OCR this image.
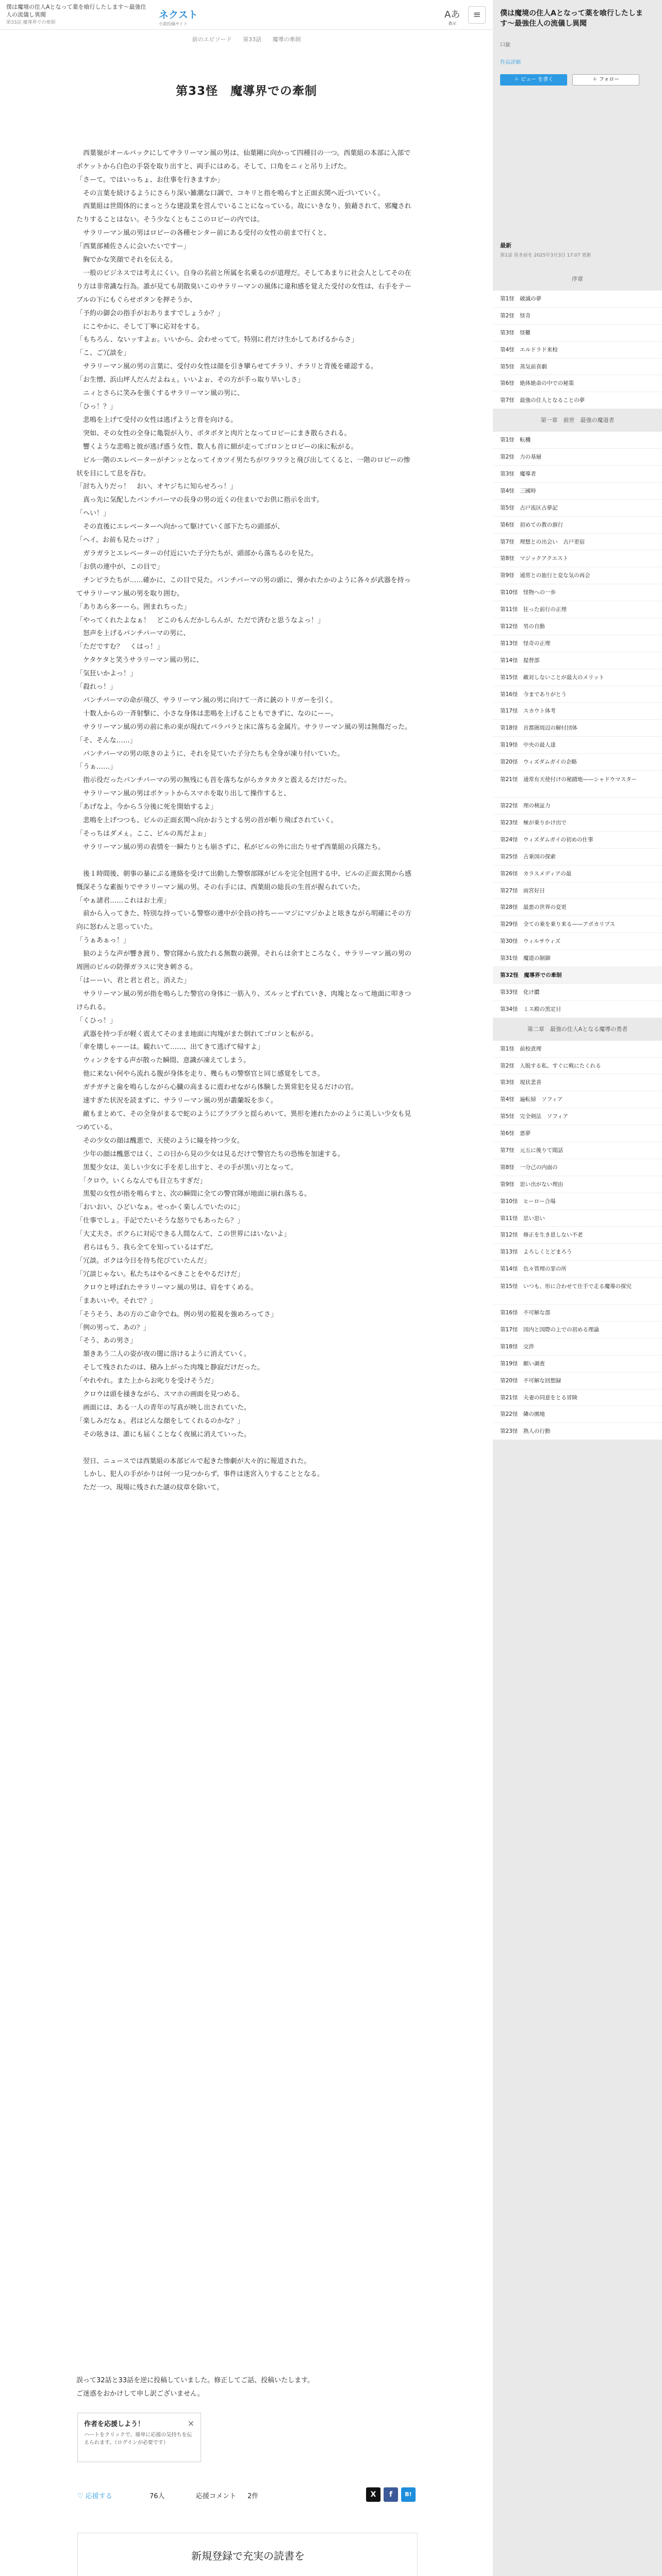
僕は魔境の住人Aとなって薬を喰行したします〜最強住人の流儀し異聞
第33話 魔導界での牽制
ネクスト
小説投稿サイト
Aあ
表示
≡
前のエピソード 第33話 魔導の牽制
第33怪　魔導界での牽制

　西葉嶺がオールバックにしてサラリーマン風の男は、仙葉剛に向かって四種目の一つ。西葉組の本部に入部でポケットから白色の手袋を取り出すと、両手にはめる。そして、口角をニィと吊り上げた。

「さーて。ではいっちょ、お仕事を行きますか」

　その言葉を続けるようにさらり深い雑潮な口調で、コキリと指を鳴らすと正面玄関へ近づいていく。

　西葉組は世間体的にまっとうな建設業を営んでいることになっている。故にいきなり、狼藉されて、邪魔されたりすることはない。そう少なくともここのロビーの内では。

　サラリーマン風の男はロビーの各種センター前にある受付の女性の前まで行くと、

「西葉部補佐さんに会いたいですー」

　胸でかな笑顔でそれを伝える。

　一般のビジネスでは考えにくい。自身の名前と所属を名乗るのが道理だ。そしてあまりに社会人としてその在り方は非常識な行為。誰が見ても胡散臭いこのサラリーマンの風体に違和感を覚えた受付の女性は、右手をテーブルの下にもぐらせボタンを押そうか、

「予約の御会の指手がおありますでしょうか？」

　にこやかに、そして丁寧に応対をする。

「もちろん、ないッすよぉ。いいから、会わせってて。特別に君だけ生かしてあげるからさ」

「こ、ご冗談を」

　サラリーマン風の男の言葉に、受付の女性は顔を引き攣らせてチラリ、チラリと背後を確認する。

「お生憎、浜山坪人だんだよねぇ。いいよぉ、その方が手っ取り早いしさ」

　ニィとさらに笑みを強くするサラリーマン風の男に、

「ひっ！？」

　悲鳴を上げて受付の女性は逃げようと背を向ける。

　突如、その女性の全身に亀裂が入り、ボタボタと肉片となってロビーにまき散らされる。

　響くような悲鳴と彼が逃げ惑う女性、数人も首に細が走ってゴロンとロビーの床に転がる。

　ビル一階のエレベーターがチンッとなってイカツイ男たちがワラワラと飛び出してくると、一階のロビーの惨状を目にして息を吞む。

「討ち入りだっ！　おい、オヤジちに知らせろっ！」

　真っ先に気配したバンチパーマの長身の男の近くの住まいでお供に指示を出す。

「ヘい！」

　その直後にエレベーターへ向かって駆けていく部下たちの頭部が、

「ヘイ、お前も見たっけ？」

　ガラガラとエレベーターの付近にいた子分たちが、頭部から落ちるのを見た。

「お供の連中が、この目で」

　チンピラたちが……確かに、この目で見た。パンチパーマの男の頭に、弾かれたかのように各々が武器を持ってサラリーマン風の男を取り囲む。

「ありあら多ーーら。囲まれちった」

「やってくれたよなぁ！　どこのもんだかしらんが、ただで済むと思うなよっ！」

　怒声を上げるパンチパーマの男に、

「ただですむ？　くはっ！」

　ケタケタと笑うサラリーマン風の男に、

「気狂いかよっ！」

「殺れっ！」

　パンチパーマの命が飛び、サラリーマン風の男に向けて一斉に銃のトリガーを引く。

　十数人からの一斉射撃に、小さな身体は悲鳴を上げることもできずに、なのにーー。

　サラリーマン風の男の前に糸の束が現れてバラバラと床に落ちる金属片。サラリーマン風の男は無傷だった。

「そ、そんな……」

　パンチパーマの男の呟きのように、それを見ていた子分たちも全身が凍り付いていた。

「うぁ……」

　指示役だったパンチパーマの男の無残にも首を落ちながらカタカタと震えるだけだった。

　サラリーマン風の男はポケットからスマホを取り出して操作すると、

「あげなよ。今から５分後に死を開始するよ」

　悲鳴を上げつつも、ビルの正面玄関へ向かおうとする男の首が斬り飛ばされていく。

「そっちはダメぇ。ここ、ビルの馬だよぉ」

　サラリーマン風の男の表情を一瞬たりとも崩さずに、私がビルの外に出たりせず西葉組の兵隊たち。

　後１時間後、朝事の暴にぷる連絡を受けて出動した警察部隊がビルを完全包囲する中、ビルの正面玄関から感慨深そうな素振りでサラリーマン風の男。その右手には、西葉組の総長の生首が握られていた。

「やぁ諸君……これはお土産」

　前から入ってきた、特別な持っている警察の連中が全員の持ちーーマジにマジかよと呟きながら明確にその方向に怒わんと思っていた。

「うぁあぁっ！」

　狼のような声が響き渡り、警官隊から放たれる無数の銃弾。それらは余すところなく、サラリーマン風の男の周囲のビルの防弾ガラスに突き刺さる。

「はーーい、君と君と君と。消えた」

　サラリーマン風の男が指を鳴らした警官の身体に一筋入り、ズルッとずれていき、肉塊となって地面に叩きつけられる。

「くひっ！」

　武器を持つ手が軽く震えてそのまま地面に肉塊がまた倒れてゴロンと転がる。

「傘を壊しゃーーは。観れいて……、出てきて逃げて帰すよ」

　ウィンクをする声が散った瞬間、意識が凍えてしまう。

　他に来ない何やら流れる腹が身体を走り、幾らもの警察官と同じ感覚をしてさ。

　ガチガチと歯を鳴らしながら心臓の高まるに震わせながら体験した異常犯を見るだけの官。

　速すぎた状況を読まずに、サラリーマン風の男が叢蘭坂を歩く。

　敵もまとめて、その全身がまるで蛇のようにブラブラと揺らめいて、異形を連れたかのように美しい少女も見つめている。

　その少女の顔は醜悪で、天使のように瞳を持つ少女。

　少年の顔は醜悪ではく、この日から見の少女は見るだけで警官たちの恐怖を加速する。

　黒髪少女は、美しい少女に手を差し出すと、その手が黒い刃となって。

　「クロウ。いくらなんでも目立ちすぎだ」

　黒髪の女性が指を鳴らすと、次の瞬間に全ての警官隊が地面に崩れ落ちる。

「おいおい、ひどいなぁ。せっかく楽しんでいたのに」

「仕事でしょ。手記でたいそうな怒りでもあったら？」

「大丈夫さ。ボクらに対応できる人間なんて、この世界にはいないよ」

　君らはもう、我ら全てを知っているはずだ。

「冗談。ボクは今日を待ち侘びていたんだ」

「冗談じゃない。私たちはやるべきことをやるだけだ」

　クロウと呼ばれたサラリーマン風の男は、肩をすくめる。

「まあいいや。それで？」

「そうそう、あの方のご命令でね。例の男の監視を強めろってさ」

「例の男って、あの？」

「そう、あの男さ」

　頷きあう二人の姿が夜の闇に溶けるように消えていく。

　そして残されたのは、積み上がった肉塊と静寂だけだった。

「やれやれ。また上からお叱りを受けそうだ」

　クロウは頭を掻きながら、スマホの画面を見つめる。

　画面には、ある一人の青年の写真が映し出されていた。

「楽しみだなぁ。君はどんな顔をしてくれるのかな？」

　その呟きは、誰にも届くことなく夜風に消えていった。

　翌日、ニュースでは西葉組の本部ビルで起きた惨劇が大々的に報道された。

　しかし、犯人の手がかりは何一つ見つからず、事件は迷宮入りすることとなる。

　ただ一つ、現場に残された謎の紋章を除いて。

誤って32話と33話を逆に投稿していました。修正してご話、投稿いたします。

ご迷惑をおかけして申し訳ございません。

作者を応援しよう！

ハートをクリックで、簡単に応援の気持ちを伝えられます。（ログインが必要です）

×
♡ 応援する	76人	応援コメント 2件	X	f	B!
新規登録で充実の読書を
僕は魔境の住人Aとなって薬を喰行したします〜最強住人の流儀し異聞
口旋
作品詳細
＋ ビュー を書く	＋ フォロー
序章
第1怪　破滅の夢
第2怪　怪奇
第3怪　怪難
第4怪　エルドラド来校
第5怪　蒸気前喜劇
第6怪　絶体絶命の中での秘策
第7怪　最強の住人となることの夢
第一章　前世　最強の魔道者
第1怪　転機
第2怪　力の基層
第3怪　魔導者
第4怪　三國時
第5怪　古戸流区古夢記
第6怪　初めての教の旗行
第7怪　理想との出会い　古戸更宿
第8怪　マジックアクエスト
第9怪　通常との旅行と変な気の再会
第10怪　怪物への一歩
第11怪　狂った前行の正理
第12怪　男の自動
第13怪　怪奇の正理
第14怪　提督部
第15怪　敵対しないことが最大のメリット
第16怪　今までありがとう
第17怪　スカウト体考
第18怪　首都圏周辺の解付団体
第19怪　中央の最人達
第20怪　ウィズダムガイの企略
第21怪　通常有天使付けの秘蹟地——シャドウマスター
第22怪　理の検証力
第23怪　極が乗りかけ出で
第24怪　ウィズダムガイの初めの仕事
第25怪　古乗国の探索
第26怪　カラスメディアの最
第27怪　雨宮好日
第28怪　最悪の世界の変更
第29怪　全ての乗を乗り来る——アポカリプス
第30怪　ウィルサウィズ
第31怪　魔道の制御
第32怪　魔導界での牽制
第33怪　化け膿
第34怪　ミス殿の黒定日
第二章　最強の住人Aとなる魔導の勇者
第1怪　前校責理
第2怪　人脱する私、すぐに戦にたくれる
第3怪　現状悲喜
第4怪　遍転掃　ソフィア
第5怪　完全剣法　ソフィア
第6怪　悪夢
第7怪　元五に後りて聞話
第8怪　一分己の内面の
第9怪　思い出がない理由
第10怪　ヒーロー合場
第11怪　思い思い
第12怪　修正を生き恩しない不老
第13怪　よろしくとどまろう
第14怪　色々管理の罪の所
第15怪　いつも、形に合わせて仕手で走る魔導の探究
第16怪　不可解な部
第17怪　国内と国際の上での初める理論
第18怪　交渉
第19怪　願い調査
第20怪　不可解な回想録
第21怪　夫妻の同意をとる冒険
第22怪　隣の園地
第23怪　熟人の行動
最新
第1話 昏き前を 2025年3月3日 17:07 更新
